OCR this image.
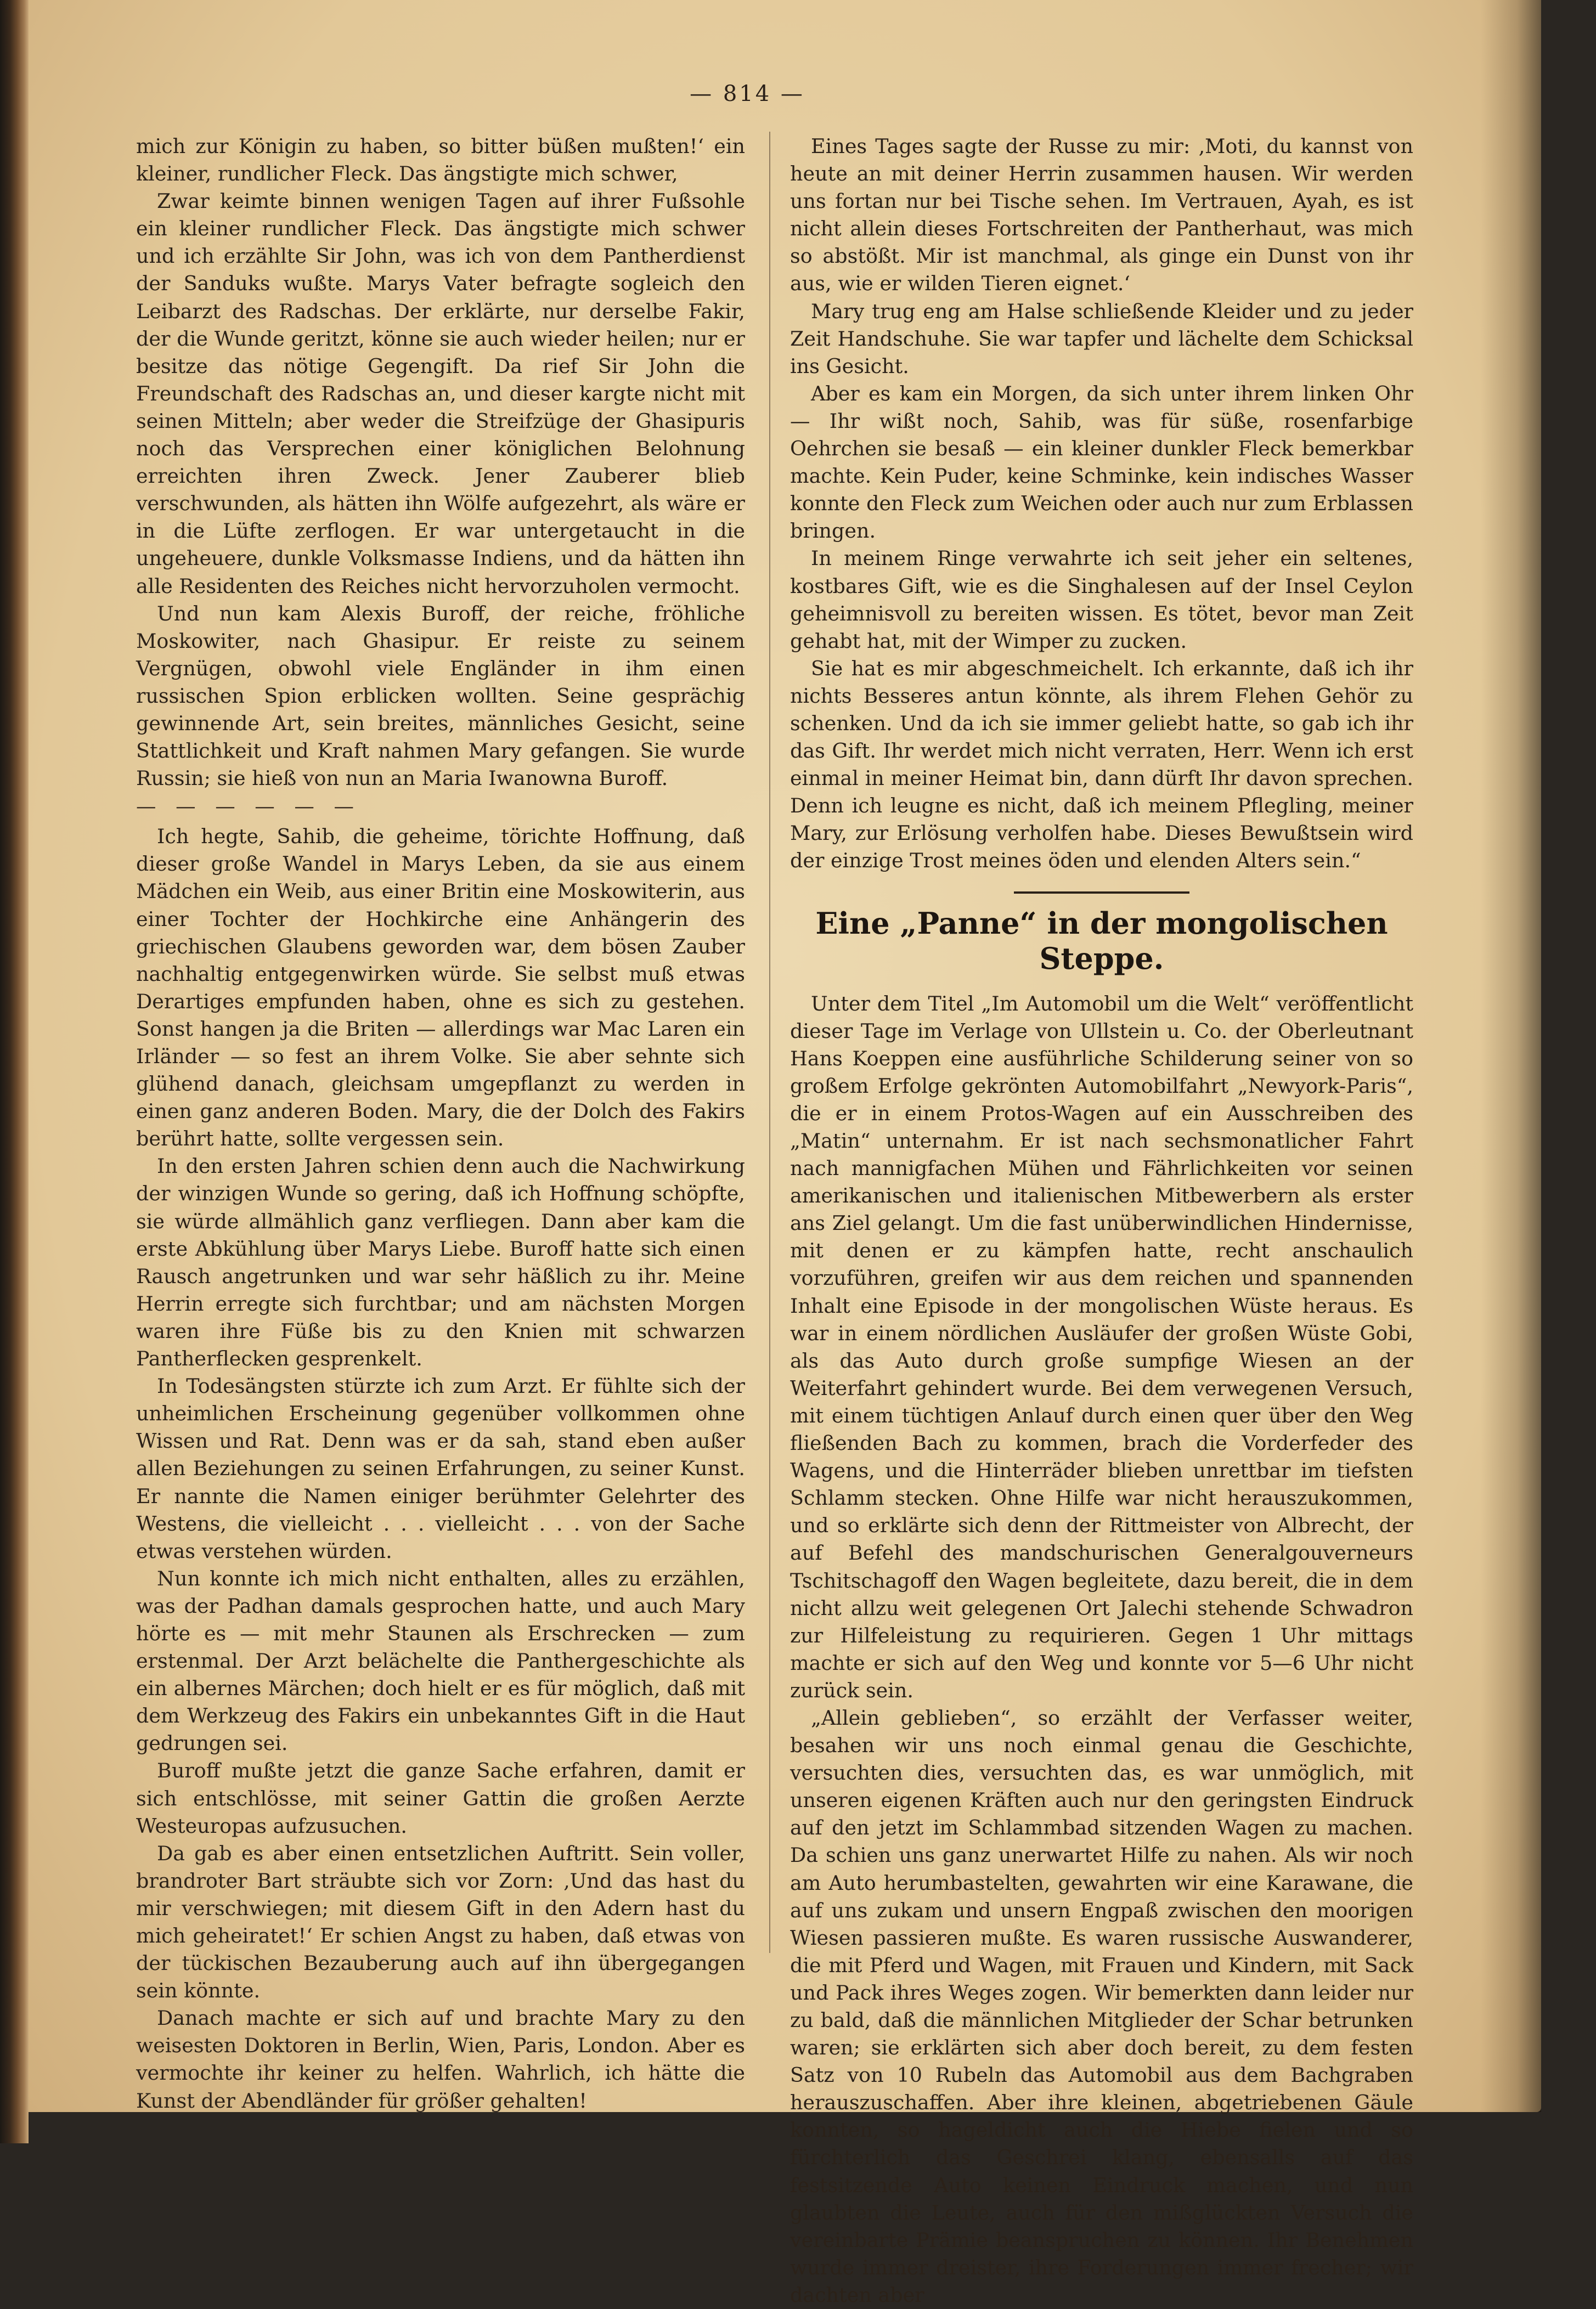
— 814 —

mich zur Königin zu haben, so bitter büßen mußten!‘ ein kleiner, rundlicher Fleck. Das ängstigte mich schwer,

Zwar keimte binnen wenigen Tagen auf ihrer Fußsohle ein kleiner rundlicher Fleck. Das ängstigte mich schwer und ich erzählte Sir John, was ich von dem Pantherdienst der Sanduks wußte. Marys Vater befragte sogleich den Leibarzt des Radschas. Der erklärte, nur derselbe Fakir, der die Wunde geritzt, könne sie auch wieder heilen; nur er besitze das nötige Gegengift. Da rief Sir John die Freundschaft des Radschas an, und dieser kargte nicht mit seinen Mitteln; aber weder die Streifzüge der Ghasipuris noch das Versprechen einer königlichen Belohnung erreichten ihren Zweck. Jener Zauberer blieb verschwunden, als hätten ihn Wölfe aufgezehrt, als wäre er in die Lüfte zerflogen. Er war untergetaucht in die ungeheuere, dunkle Volksmasse Indiens, und da hätten ihn alle Residenten des Reiches nicht hervorzuholen vermocht.

Und nun kam Alexis Buroff, der reiche, fröhliche Moskowiter, nach Ghasipur. Er reiste zu seinem Vergnügen, obwohl viele Engländer in ihm einen russischen Spion erblicken wollten. Seine gesprächig gewinnende Art, sein breites, männliches Gesicht, seine Stattlichkeit und Kraft nahmen Mary gefangen. Sie wurde Russin; sie hieß von nun an Maria Iwanowna Buroff.

— — — — — —

Ich hegte, Sahib, die geheime, törichte Hoffnung, daß dieser große Wandel in Marys Leben, da sie aus einem Mädchen ein Weib, aus einer Britin eine Moskowiterin, aus einer Tochter der Hochkirche eine Anhängerin des griechischen Glaubens geworden war, dem bösen Zauber nachhaltig entgegenwirken würde. Sie selbst muß etwas Derartiges empfunden haben, ohne es sich zu gestehen. Sonst hangen ja die Briten — allerdings war Mac Laren ein Irländer — so fest an ihrem Volke. Sie aber sehnte sich glühend danach, gleichsam umgepflanzt zu werden in einen ganz anderen Boden. Mary, die der Dolch des Fakirs berührt hatte, sollte vergessen sein.

In den ersten Jahren schien denn auch die Nachwirkung der winzigen Wunde so gering, daß ich Hoffnung schöpfte, sie würde allmählich ganz verfliegen. Dann aber kam die erste Abkühlung über Marys Liebe. Buroff hatte sich einen Rausch angetrunken und war sehr häßlich zu ihr. Meine Herrin erregte sich furchtbar; und am nächsten Morgen waren ihre Füße bis zu den Knien mit schwarzen Pantherflecken gesprenkelt.

In Todesängsten stürzte ich zum Arzt. Er fühlte sich der unheimlichen Erscheinung gegenüber vollkommen ohne Wissen und Rat. Denn was er da sah, stand eben außer allen Beziehungen zu seinen Erfahrungen, zu seiner Kunst. Er nannte die Namen einiger berühmter Gelehrter des Westens, die vielleicht . . . vielleicht . . . von der Sache etwas verstehen würden.

Nun konnte ich mich nicht enthalten, alles zu erzählen, was der Padhan damals gesprochen hatte, und auch Mary hörte es — mit mehr Staunen als Erschrecken — zum erstenmal. Der Arzt belächelte die Panthergeschichte als ein albernes Märchen; doch hielt er es für möglich, daß mit dem Werkzeug des Fakirs ein unbekanntes Gift in die Haut gedrungen sei.

Buroff mußte jetzt die ganze Sache erfahren, damit er sich entschlösse, mit seiner Gattin die großen Aerzte Westeuropas aufzusuchen.

Da gab es aber einen entsetzlichen Auftritt. Sein voller, brandroter Bart sträubte sich vor Zorn: ‚Und das hast du mir verschwiegen; mit diesem Gift in den Adern hast du mich geheiratet!‘ Er schien Angst zu haben, daß etwas von der tückischen Bezauberung auch auf ihn übergegangen sein könnte.

Danach machte er sich auf und brachte Mary zu den weisesten Doktoren in Berlin, Wien, Paris, London. Aber es vermochte ihr keiner zu helfen. Wahrlich, ich hätte die Kunst der Abendländer für größer gehalten!

Eines Tages sagte der Russe zu mir: ‚Moti, du kannst von heute an mit deiner Herrin zusammen hausen. Wir werden uns fortan nur bei Tische sehen. Im Vertrauen, Ayah, es ist nicht allein dieses Fortschreiten der Pantherhaut, was mich so abstößt. Mir ist manchmal, als ginge ein Dunst von ihr aus, wie er wilden Tieren eignet.‘

Mary trug eng am Halse schließende Kleider und zu jeder Zeit Handschuhe. Sie war tapfer und lächelte dem Schicksal ins Gesicht.

Aber es kam ein Morgen, da sich unter ihrem linken Ohr — Ihr wißt noch, Sahib, was für süße, rosenfarbige Oehrchen sie besaß — ein kleiner dunkler Fleck bemerkbar machte. Kein Puder, keine Schminke, kein indisches Wasser konnte den Fleck zum Weichen oder auch nur zum Erblassen bringen.

In meinem Ringe verwahrte ich seit jeher ein seltenes, kostbares Gift, wie es die Singhalesen auf der Insel Ceylon geheimnisvoll zu bereiten wissen. Es tötet, bevor man Zeit gehabt hat, mit der Wimper zu zucken.

Sie hat es mir abgeschmeichelt. Ich erkannte, daß ich ihr nichts Besseres antun könnte, als ihrem Flehen Gehör zu schenken. Und da ich sie immer geliebt hatte, so gab ich ihr das Gift. Ihr werdet mich nicht verraten, Herr. Wenn ich erst einmal in meiner Heimat bin, dann dürft Ihr davon sprechen. Denn ich leugne es nicht, daß ich meinem Pflegling, meiner Mary, zur Erlösung verholfen habe. Dieses Bewußtsein wird der einzige Trost meines öden und elenden Alters sein.“

Eine „Panne“ in der mongolischen Steppe.

Unter dem Titel „Im Automobil um die Welt“ veröffentlicht dieser Tage im Verlage von Ullstein u. Co. der Oberleutnant Hans Koeppen eine ausführliche Schilderung seiner von so großem Erfolge gekrönten Automobilfahrt „Newyork-Paris“, die er in einem Protos-Wagen auf ein Ausschreiben des „Matin“ unternahm. Er ist nach sechsmonatlicher Fahrt nach mannigfachen Mühen und Fährlichkeiten vor seinen amerikanischen und italienischen Mitbewerbern als erster ans Ziel gelangt. Um die fast unüberwindlichen Hindernisse, mit denen er zu kämpfen hatte, recht anschaulich vorzuführen, greifen wir aus dem reichen und spannenden Inhalt eine Episode in der mongolischen Wüste heraus. Es war in einem nördlichen Ausläufer der großen Wüste Gobi, als das Auto durch große sumpfige Wiesen an der Weiterfahrt gehindert wurde. Bei dem verwegenen Versuch, mit einem tüchtigen Anlauf durch einen quer über den Weg fließenden Bach zu kommen, brach die Vorderfeder des Wagens, und die Hinterräder blieben unrettbar im tiefsten Schlamm stecken. Ohne Hilfe war nicht herauszukommen, und so erklärte sich denn der Rittmeister von Albrecht, der auf Befehl des mandschurischen Generalgouverneurs Tschitschagoff den Wagen begleitete, dazu bereit, die in dem nicht allzu weit gelegenen Ort Jalechi stehende Schwadron zur Hilfeleistung zu requirieren. Gegen 1 Uhr mittags machte er sich auf den Weg und konnte vor 5—6 Uhr nicht zurück sein.

„Allein geblieben“, so erzählt der Verfasser weiter, besahen wir uns noch einmal genau die Geschichte, versuchten dies, versuchten das, es war unmöglich, mit unseren eigenen Kräften auch nur den geringsten Eindruck auf den jetzt im Schlammbad sitzenden Wagen zu machen. Da schien uns ganz unerwartet Hilfe zu nahen. Als wir noch am Auto herumbastelten, gewahrten wir eine Karawane, die auf uns zukam und unsern Engpaß zwischen den moorigen Wiesen passieren mußte. Es waren russische Auswanderer, die mit Pferd und Wagen, mit Frauen und Kindern, mit Sack und Pack ihres Weges zogen. Wir bemerkten dann leider nur zu bald, daß die männlichen Mitglieder der Schar betrunken waren; sie erklärten sich aber doch bereit, zu dem festen Satz von 10 Rubeln das Automobil aus dem Bachgraben herauszuschaffen. Aber ihre kleinen, abgetriebenen Gäule konnten, so hageldicht auch die Hiebe fielen und so fürchterlich das Geschrei klang, ebensalls auf das festsitzende Auto keinen Eindruck machen, und nun glaubten die Leute, auch für den mißglückten Versuch die vereinbarte Prämie beanspruchen zu können. Ihr Benehmen wurde immer dreister, ihre Forderungen immer frecher; wir dachten aber
